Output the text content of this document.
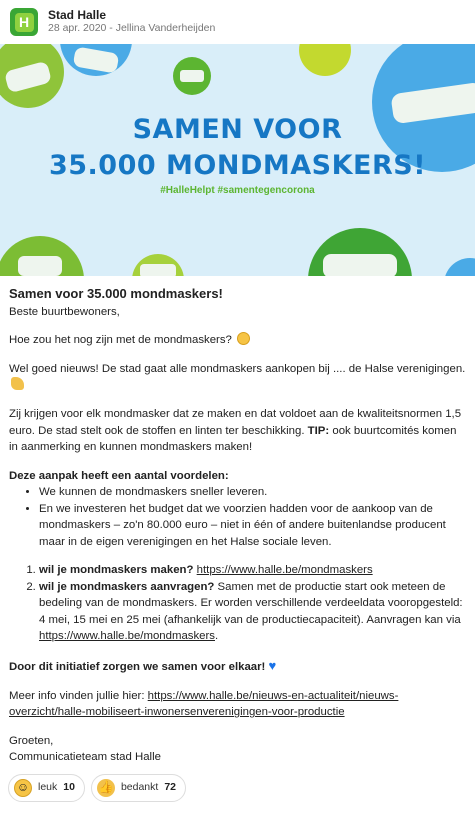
H	Stad Halle
28 apr. 2020 - Jellina Vanderheijden
SAMEN VOOR
35.000 MONDMASKERS!
#HalleHelpt #samentegencorona
Samen voor 35.000 mondmaskers!

Beste buurtbewoners,

Hoe zou het nog zijn met de mondmaskers?

Wel goed nieuws! De stad gaat alle mondmaskers aankopen bij .... de Halse verenigingen.

Zij krijgen voor elk mondmasker dat ze maken en dat voldoet aan de kwaliteitsnormen 1,5 euro. De stad stelt ook de stoffen en linten ter beschikking. TIP: ook buurtcomités komen in aanmerking en kunnen mondmaskers maken!

Deze aanpak heeft een aantal voordelen:

• We kunnen de mondmaskers sneller leveren.
• En we investeren het budget dat we voorzien hadden voor de aankoop van de mondmaskers – zo'n 80.000 euro – niet in één of andere buitenlandse producent maar in de eigen verenigingen en het Halse sociale leven.
1. wil je mondmaskers maken? https://www.halle.be/mondmaskers
2. wil je mondmaskers aanvragen? Samen met de productie start ook meteen de bedeling van de mondmaskers. Er worden verschillende verdeeldata vooropgesteld: 4 mei, 15 mei en 25 mei (afhankelijk van de productiecapaciteit). Aanvragen kan via https://www.halle.be/mondmaskers.

Door dit initiatief zorgen we samen voor elkaar! ♥

Meer info vinden jullie hier: https://www.halle.be/nieuws-en-actualiteit/nieuws-overzicht/halle-mobiliseert-inwonersenverenigingen-voor-productie

Groeten,
Communicatieteam stad Halle

☺ leuk 10 👍 bedankt 72
